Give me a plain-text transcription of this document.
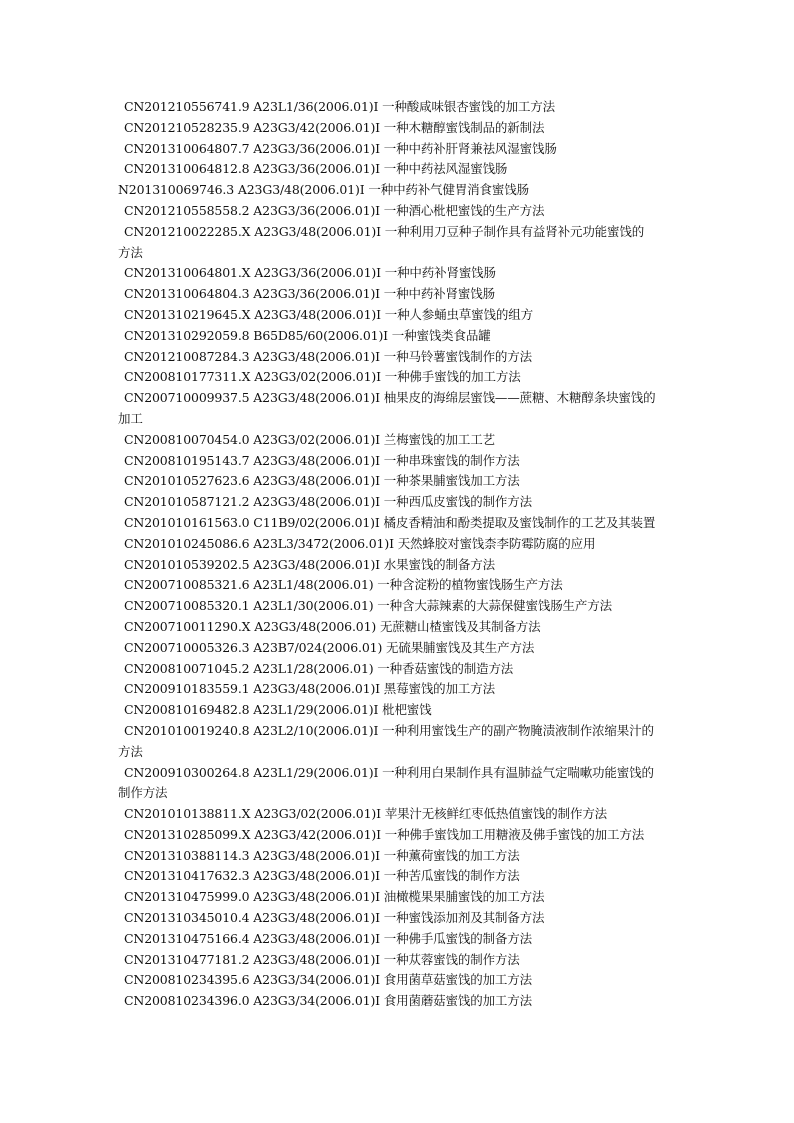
CN201210556741.9 A23L1/36(2006.01)I 一种酸咸味银杏蜜饯的加工方法
CN201210528235.9 A23G3/42(2006.01)I 一种木糖醇蜜饯制品的新制法
CN201310064807.7 A23G3/36(2006.01)I 一种中药补肝肾兼祛风湿蜜饯肠
CN201310064812.8 A23G3/36(2006.01)I 一种中药祛风湿蜜饯肠
N201310069746.3 A23G3/48(2006.01)I 一种中药补气健胃消食蜜饯肠
CN201210558558.2 A23G3/36(2006.01)I 一种酒心枇杷蜜饯的生产方法
CN201210022285.X A23G3/48(2006.01)I 一种利用刀豆种子制作具有益肾补元功能蜜饯的
方法
CN201310064801.X A23G3/36(2006.01)I 一种中药补肾蜜饯肠
CN201310064804.3 A23G3/36(2006.01)I 一种中药补肾蜜饯肠
CN201310219645.X A23G3/48(2006.01)I 一种人参蛹虫草蜜饯的组方
CN201310292059.8 B65D85/60(2006.01)I 一种蜜饯类食品罐
CN201210087284.3 A23G3/48(2006.01)I 一种马铃薯蜜饯制作的方法
CN200810177311.X A23G3/02(2006.01)I 一种佛手蜜饯的加工方法
CN200710009937.5 A23G3/48(2006.01)I 柚果皮的海绵层蜜饯——蔗糖、木糖醇条块蜜饯的
加工
CN200810070454.0 A23G3/02(2006.01)I 兰梅蜜饯的加工工艺
CN200810195143.7 A23G3/48(2006.01)I 一种串珠蜜饯的制作方法
CN201010527623.6 A23G3/48(2006.01)I 一种茶果脯蜜饯加工方法
CN201010587121.2 A23G3/48(2006.01)I 一种西瓜皮蜜饯的制作方法
CN201010161563.0 C11B9/02(2006.01)I 橘皮香精油和酚类提取及蜜饯制作的工艺及其装置
CN201010245086.6 A23L3/3472(2006.01)I 天然蜂胶对蜜饯柰李防霉防腐的应用
CN201010539202.5 A23G3/48(2006.01)I 水果蜜饯的制备方法
CN200710085321.6 A23L1/48(2006.01) 一种含淀粉的植物蜜饯肠生产方法
CN200710085320.1 A23L1/30(2006.01) 一种含大蒜辣素的大蒜保健蜜饯肠生产方法
CN200710011290.X A23G3/48(2006.01) 无蔗糖山楂蜜饯及其制备方法
CN200710005326.3 A23B7/024(2006.01) 无硫果脯蜜饯及其生产方法
CN200810071045.2 A23L1/28(2006.01) 一种香菇蜜饯的制造方法
CN200910183559.1 A23G3/48(2006.01)I 黑莓蜜饯的加工方法
CN200810169482.8 A23L1/29(2006.01)I 枇杷蜜饯
CN201010019240.8 A23L2/10(2006.01)I 一种利用蜜饯生产的副产物腌渍液制作浓缩果汁的
方法
CN200910300264.8 A23L1/29(2006.01)I 一种利用白果制作具有温肺益气定喘嗽功能蜜饯的
制作方法
CN201010138811.X A23G3/02(2006.01)I 苹果汁无核鲜红枣低热值蜜饯的制作方法
CN201310285099.X A23G3/42(2006.01)I 一种佛手蜜饯加工用糖液及佛手蜜饯的加工方法
CN201310388114.3 A23G3/48(2006.01)I 一种薰荷蜜饯的加工方法
CN201310417632.3 A23G3/48(2006.01)I 一种苦瓜蜜饯的制作方法
CN201310475999.0 A23G3/48(2006.01)I 油橄榄果果脯蜜饯的加工方法
CN201310345010.4 A23G3/48(2006.01)I 一种蜜饯添加剂及其制备方法
CN201310475166.4 A23G3/48(2006.01)I 一种佛手瓜蜜饯的制备方法
CN201310477181.2 A23G3/48(2006.01)I 一种苁蓉蜜饯的制作方法
CN200810234395.6 A23G3/34(2006.01)I 食用菌草菇蜜饯的加工方法
CN200810234396.0 A23G3/34(2006.01)I 食用菌蘑菇蜜饯的加工方法
